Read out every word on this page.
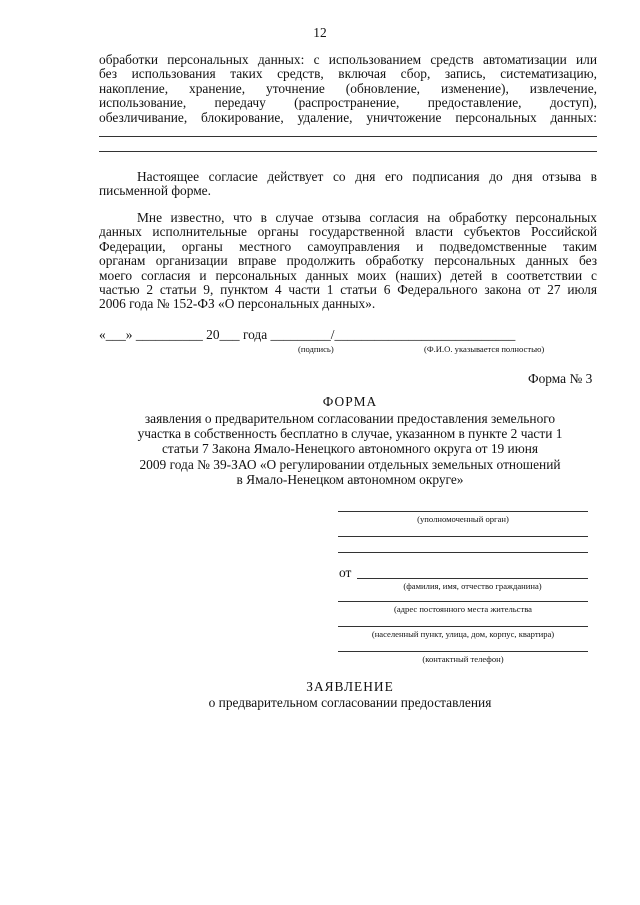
12
обработки персональных данных: с использованием средств автоматизации или
без использования таких средств, включая сбор, запись, систематизацию,
накопление, хранение, уточнение (обновление, изменение), извлечение,
использование, передачу (распространение, предоставление, доступ),
обезличивание, блокирование, удаление, уничтожение персональных данных:
Настоящее согласие действует со дня его подписания до дня отзыва в
письменной форме.
Мне известно, что в случае отзыва согласия на обработку персональных
данных исполнительные органы государственной власти субъектов Российской
Федерации, органы местного самоуправления и подведомственные таким
органам организации вправе продолжить обработку персональных данных без
моего согласия и персональных данных моих (наших) детей в соответствии с
частью 2 статьи 9, пунктом 4 части 1 статьи 6 Федерального закона от 27 июля
2006 года № 152-ФЗ «О персональных данных».
«___» __________ 20___ года _________/___________________________
(подпись)	(Ф.И.О. указывается полностью)
Форма № 3
ФОРМА
заявления о предварительном согласовании предоставления земельного
участка в собственность бесплатно в случае, указанном в пункте 2 части 1
статьи 7 Закона Ямало-Ненецкого автономного округа от 19 июня
2009 года № 39-ЗАО «О регулировании отдельных земельных отношений
в Ямало-Ненецком автономном округе»
(уполномоченный орган)
от
(фамилия, имя, отчество гражданина)
(адрес постоянного места жительства
(населенный пункт, улица, дом, корпус, квартира)
(контактный телефон)
ЗАЯВЛЕНИЕ
о предварительном согласовании предоставления
